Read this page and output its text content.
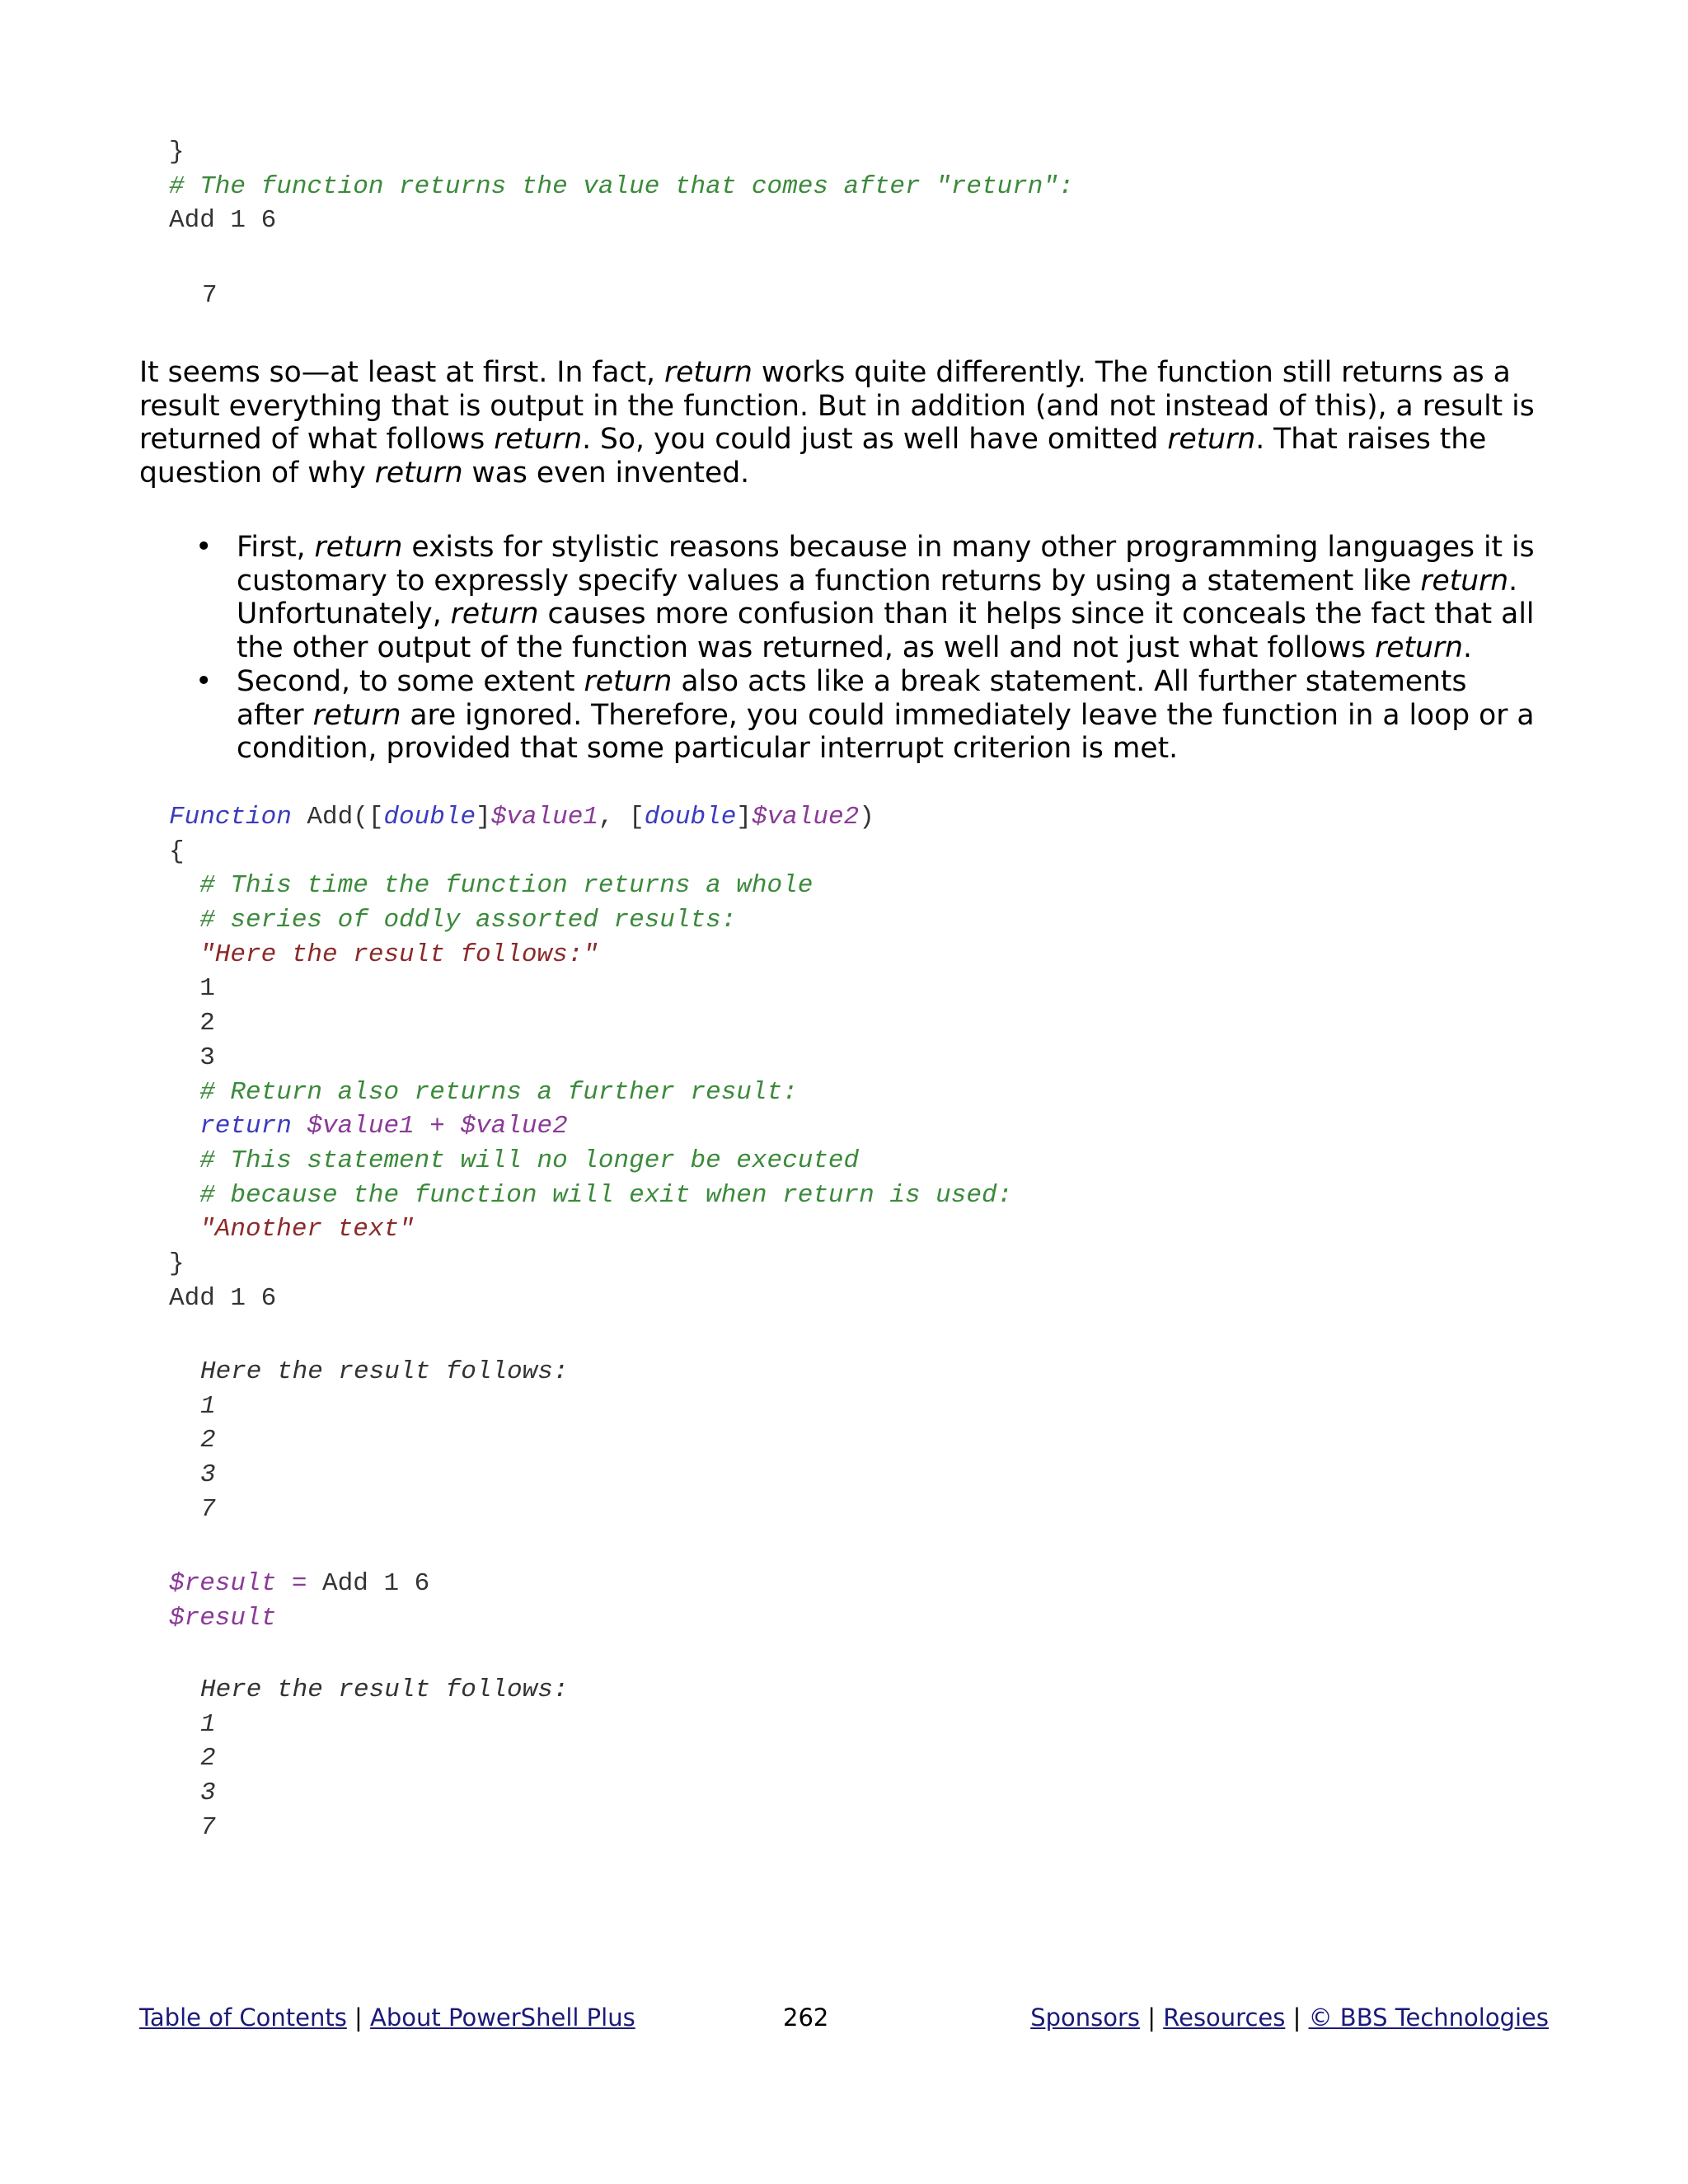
}
# The function returns the value that comes after "return":
Add 1 6
7

It seems so—at least at first. In fact, return works quite differently. The function still returns as a result everything that is output in the function. But in addition (and not instead of this), a result is returned of what follows return. So, you could just as well have omitted return. That raises the question of why return was even invented.

• First, return exists for stylistic reasons because in many other programming languages it is customary to expressly specify values a function returns by using a statement like return. Unfortunately, return causes more confusion than it helps since it conceals the fact that all the other output of the function was returned, as well and not just what follows return.
• Second, to some extent return also acts like a break statement. All further statements after return are ignored. Therefore, you could immediately leave the function in a loop or a condition, provided that some particular interrupt criterion is met.
Function Add([double]$value1, [double]$value2)
{
# This time the function returns a whole
# series of oddly assorted results:
"Here the result follows:"
1
2
3
# Return also returns a further result:
return $value1 + $value2
# This statement will no longer be executed
# because the function will exit when return is used:
"Another text"
}
Add 1 6
Here the result follows:
1
2
3
7
$result = Add 1 6
$result
Here the result follows:
1
2
3
7
Table of Contents | About PowerShell Plus	262	Sponsors | Resources | © BBS Technologies
